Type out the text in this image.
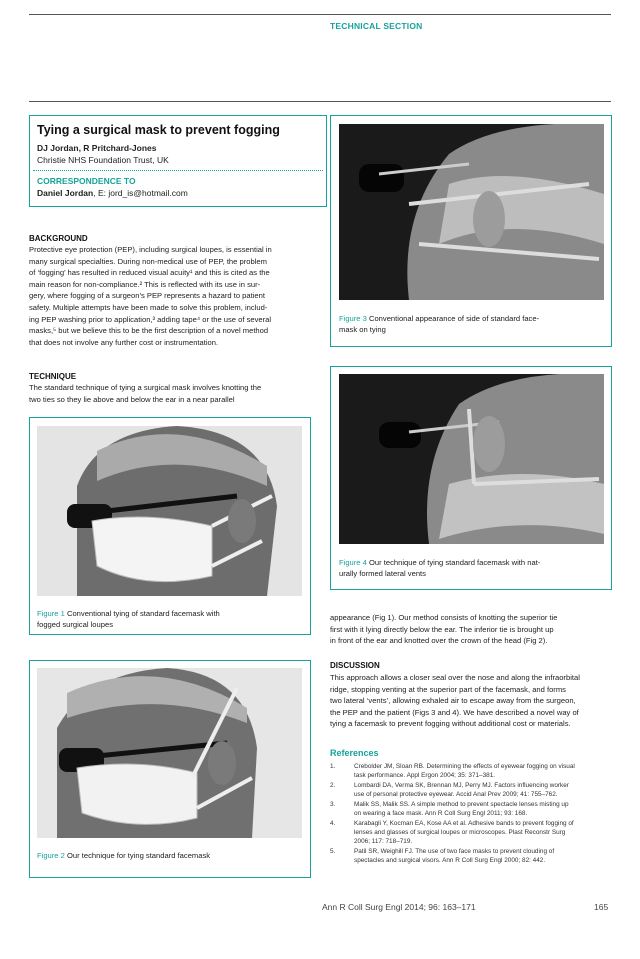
TECHNICAL SECTION
Tying a surgical mask to prevent fogging
DJ Jordan, R Pritchard-Jones
Christie NHS Foundation Trust, UK
CORRESPONDENCE TO
Daniel Jordan, E: jord_is@hotmail.com
BACKGROUND
Protective eye protection (PEP), including surgical loupes, is essential in
many surgical specialties. During non-medical use of PEP, the problem
of ‘fogging’ has resulted in reduced visual acuity¹ and this is cited as the
main reason for non-compliance.² This is reflected with its use in sur-
gery, where fogging of a surgeon’s PEP represents a hazard to patient
safety. Multiple attempts have been made to solve this problem, includ-
ing PEP washing prior to application,³ adding tape⁴ or the use of several
masks,⁵ but we believe this to be the first description of a novel method
that does not involve any further cost or instrumentation.
TECHNIQUE
The standard technique of tying a surgical mask involves knotting the
two ties so they lie above and below the ear in a near parallel
Figure 1 Conventional tying of standard facemask with
fogged surgical loupes
Figure 2 Our technique for tying standard facemask
Figure 3 Conventional appearance of side of standard face-
mask on tying
Figure 4 Our technique of tying standard facemask with nat-
urally formed lateral vents
appearance (Fig 1). Our method consists of knotting the superior tie
first with it lying directly below the ear. The inferior tie is brought up
in front of the ear and knotted over the crown of the head (Fig 2).
DISCUSSION
This approach allows a closer seal over the nose and along the infraorbital
ridge, stopping venting at the superior part of the facemask, and forms
two lateral ‘vents’, allowing exhaled air to escape away from the surgeon,
the PEP and the patient (Figs 3 and 4). We have described a novel way of
tying a facemask to prevent fogging without additional cost or materials.
References
1.	Crebolder JM, Sloan RB. Determining the effects of eyewear fogging on visual
task performance. Appl Ergon 2004; 35: 371–381.
2.	Lombardi DA, Verma SK, Brennan MJ, Perry MJ. Factors influencing worker
use of personal protective eyewear. Accid Anal Prev 2009; 41: 755–762.
3.	Malik SS, Malik SS. A simple method to prevent spectacle lenses misting up
on wearing a face mask. Ann R Coll Surg Engl 2011; 93: 168.
4.	Karabagli Y, Kocman EA, Kose AA et al. Adhesive bands to prevent fogging of
lenses and glasses of surgical loupes or microscopes. Plast Reconstr Surg
2006; 117: 718–719.
5.	Patil SR, Weighill FJ. The use of two face masks to prevent clouding of
spectacles and surgical visors. Ann R Coll Surg Engl 2000; 82: 442.
Ann R Coll Surg Engl 2014; 96: 163–171	165
